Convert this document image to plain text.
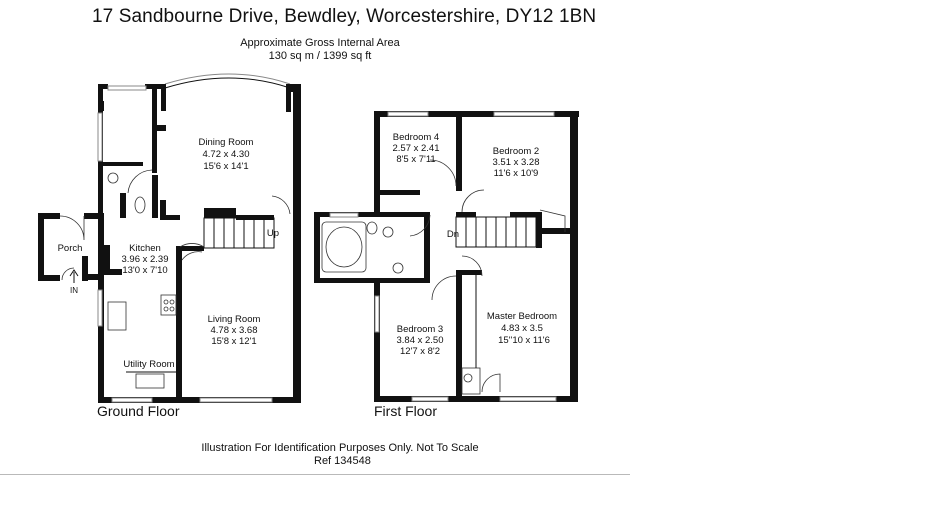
17 Sandbourne Drive, Bewdley, Worcestershire, DY12 1BN
Approximate Gross Internal Area
130 sq m / 1399 sq ft
Dining Room
4.72 x 4.30
15'6 x 14'1
Kitchen
3.96 x 2.39
13'0 x 7'10
Living Room
4.78 x 3.68
15'8 x 12'1
Porch
Utility Room
Up
IN
Bedroom 4
2.57 x 2.41
8'5 x 7'11
Bedroom 2
3.51 x 3.28
11'6 x 10'9
Bedroom 3
3.84 x 2.50
12'7 x 8'2
Master Bedroom
4.83 x 3.5
15''10 x 11'6
Dn
Ground Floor	First Floor
Illustration For Identification Purposes Only. Not To Scale
Ref 134548
